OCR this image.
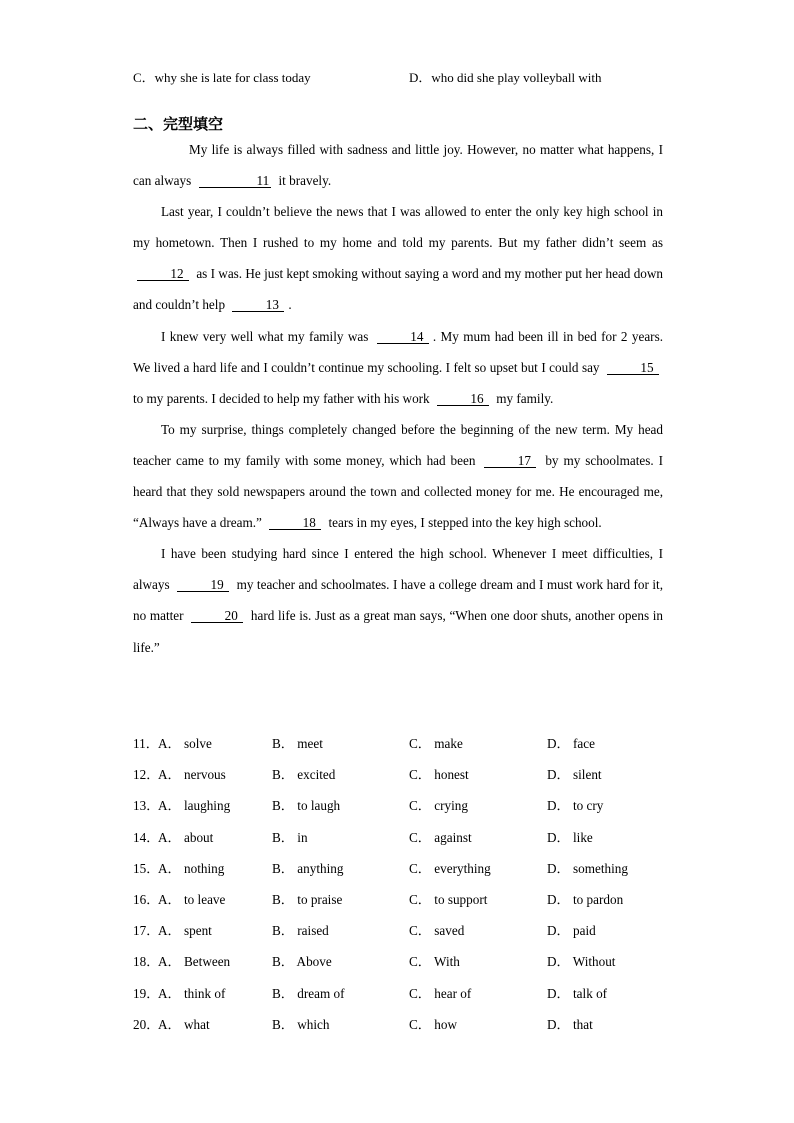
C．why she is late for class today	D．who did she play volleyball with
二、完型填空

My life is always filled with sadness and little joy. However, no matter what happens, I can always	11 it bravely.

Last year, I couldn’t believe the news that I was allowed to enter the only key high school in my hometown. Then I rushed to my home and told my parents. But my father didn’t seem as 12 as I was. He just kept smoking without saying a word and my mother put her head down and couldn’t help	13 .

I knew very well what my family was	14 . My mum had been ill in bed for 2 years. We lived a hard life and I couldn’t continue my schooling. I felt so upset but I could say	15 to my parents. I decided to help my father with his work	16 my family.

To my surprise, things completely changed before the beginning of the new term. My head teacher came to my family with some money, which had been	17 by my schoolmates. I heard that they sold newspapers around the town and collected money for me. He encouraged me, “Always have a dream.”	18 tears in my eyes, I stepped into the key high school.

I have been studying hard since I entered the high school. Whenever I meet difficulties, I always	19 my teacher and schoolmates. I have a college dream and I must work hard for it, no matter	20 hard life is. Just as a great man says, “When one door shuts, another opens in life.”

11． A． solve	B． meet	C． make	D． face
12．
A． nervous	B． excited	C． honest	D． silent
13．
A． laughing	B． to laugh	C． crying	D． to cry
14．
A． about	B． in	C． against	D． like
15．
A． nothing	B． anything	C． everything	D． something
16．
A． to leave	B． to praise	C． to support	D． to pardon
17．
A． spent	B． raised	C． saved	D． paid
18．
A． Between	B． Above	C． With	D． Without
19．
A． think of	B． dream of	C． hear of	D． talk of
20．
A． what	B． which	C． how	D． that
